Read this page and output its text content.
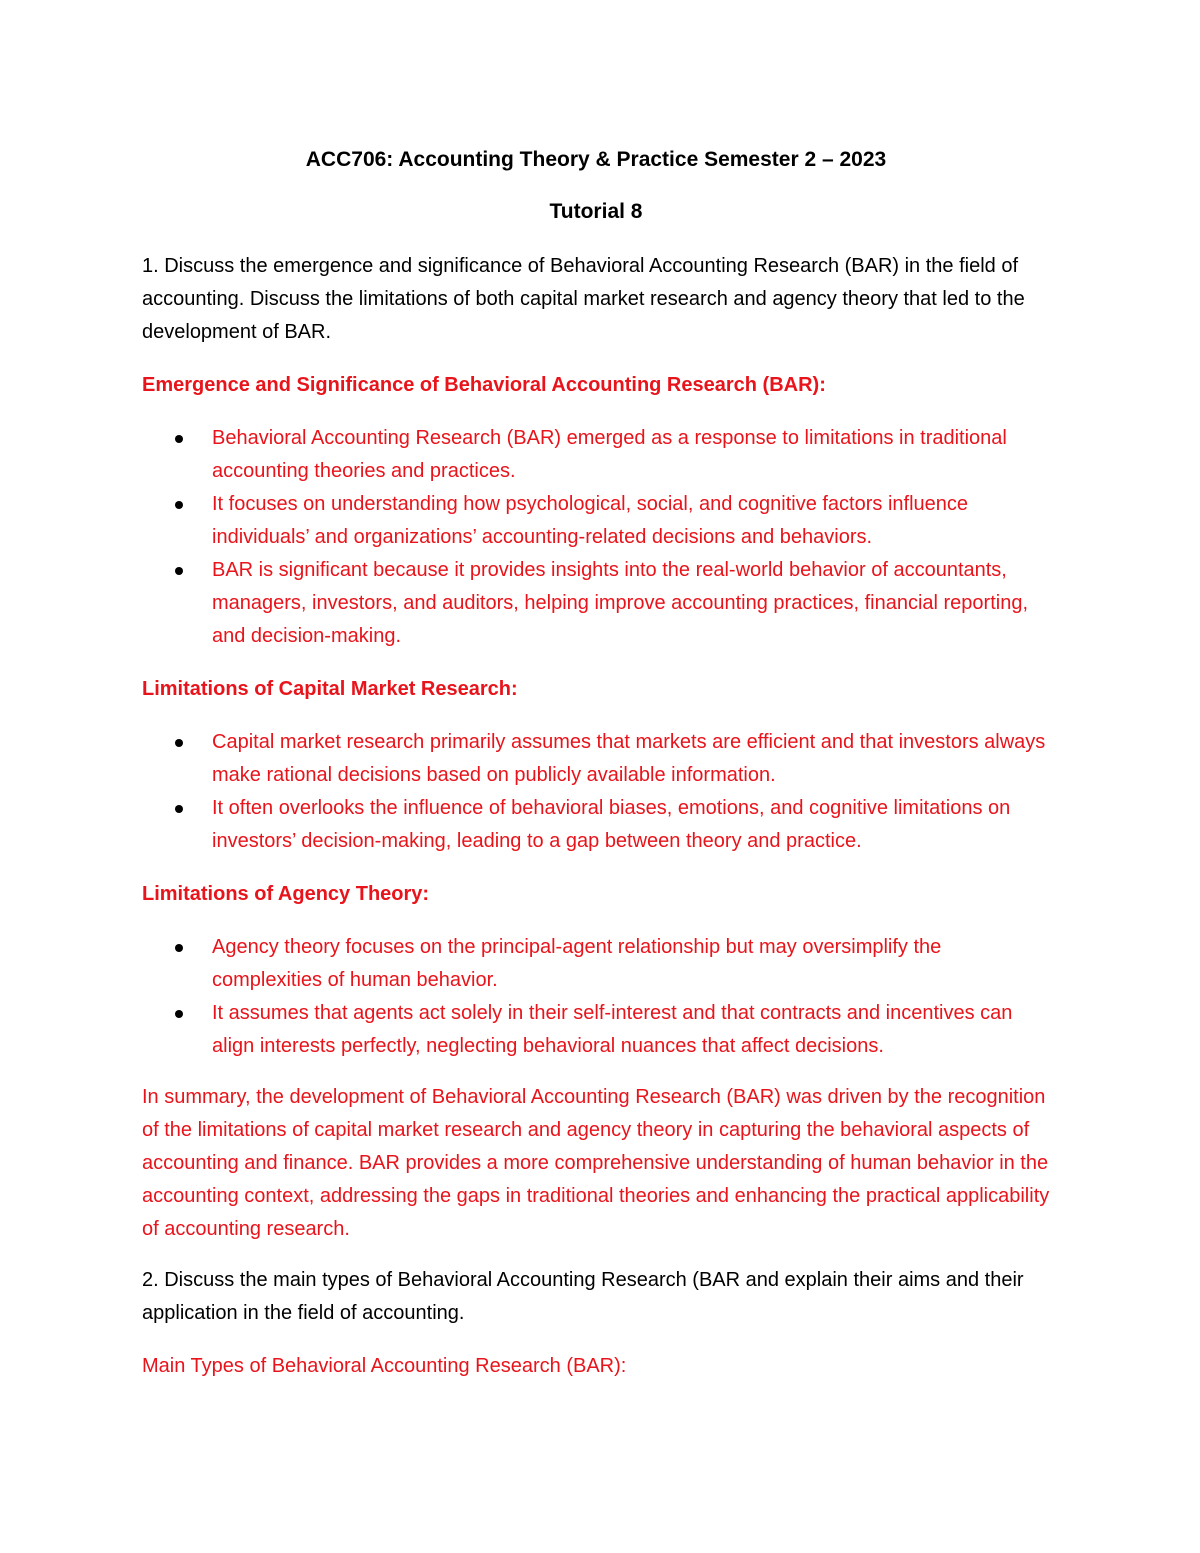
ACC706: Accounting Theory & Practice Semester 2 – 2023

Tutorial 8

1. Discuss the emergence and significance of Behavioral Accounting Research (BAR) in the field of accounting. Discuss the limitations of both capital market research and agency theory that led to the development of BAR.

Emergence and Significance of Behavioral Accounting Research (BAR):

Behavioral Accounting Research (BAR) emerged as a response to limitations in traditional accounting theories and practices.
It focuses on understanding how psychological, social, and cognitive factors influence individuals’ and organizations’ accounting-related decisions and behaviors.
BAR is significant because it provides insights into the real-world behavior of accountants, managers, investors, and auditors, helping improve accounting practices, financial reporting, and decision-making.

Limitations of Capital Market Research:

Capital market research primarily assumes that markets are efficient and that investors always make rational decisions based on publicly available information.
It often overlooks the influence of behavioral biases, emotions, and cognitive limitations on investors’ decision-making, leading to a gap between theory and practice.

Limitations of Agency Theory:

Agency theory focuses on the principal-agent relationship but may oversimplify the complexities of human behavior.
It assumes that agents act solely in their self-interest and that contracts and incentives can align interests perfectly, neglecting behavioral nuances that affect decisions.

In summary, the development of Behavioral Accounting Research (BAR) was driven by the recognition of the limitations of capital market research and agency theory in capturing the behavioral aspects of accounting and finance. BAR provides a more comprehensive understanding of human behavior in the accounting context, addressing the gaps in traditional theories and enhancing the practical applicability of accounting research.

2. Discuss the main types of Behavioral Accounting Research (BAR and explain their aims and their application in the field of accounting.

Main Types of Behavioral Accounting Research (BAR):
